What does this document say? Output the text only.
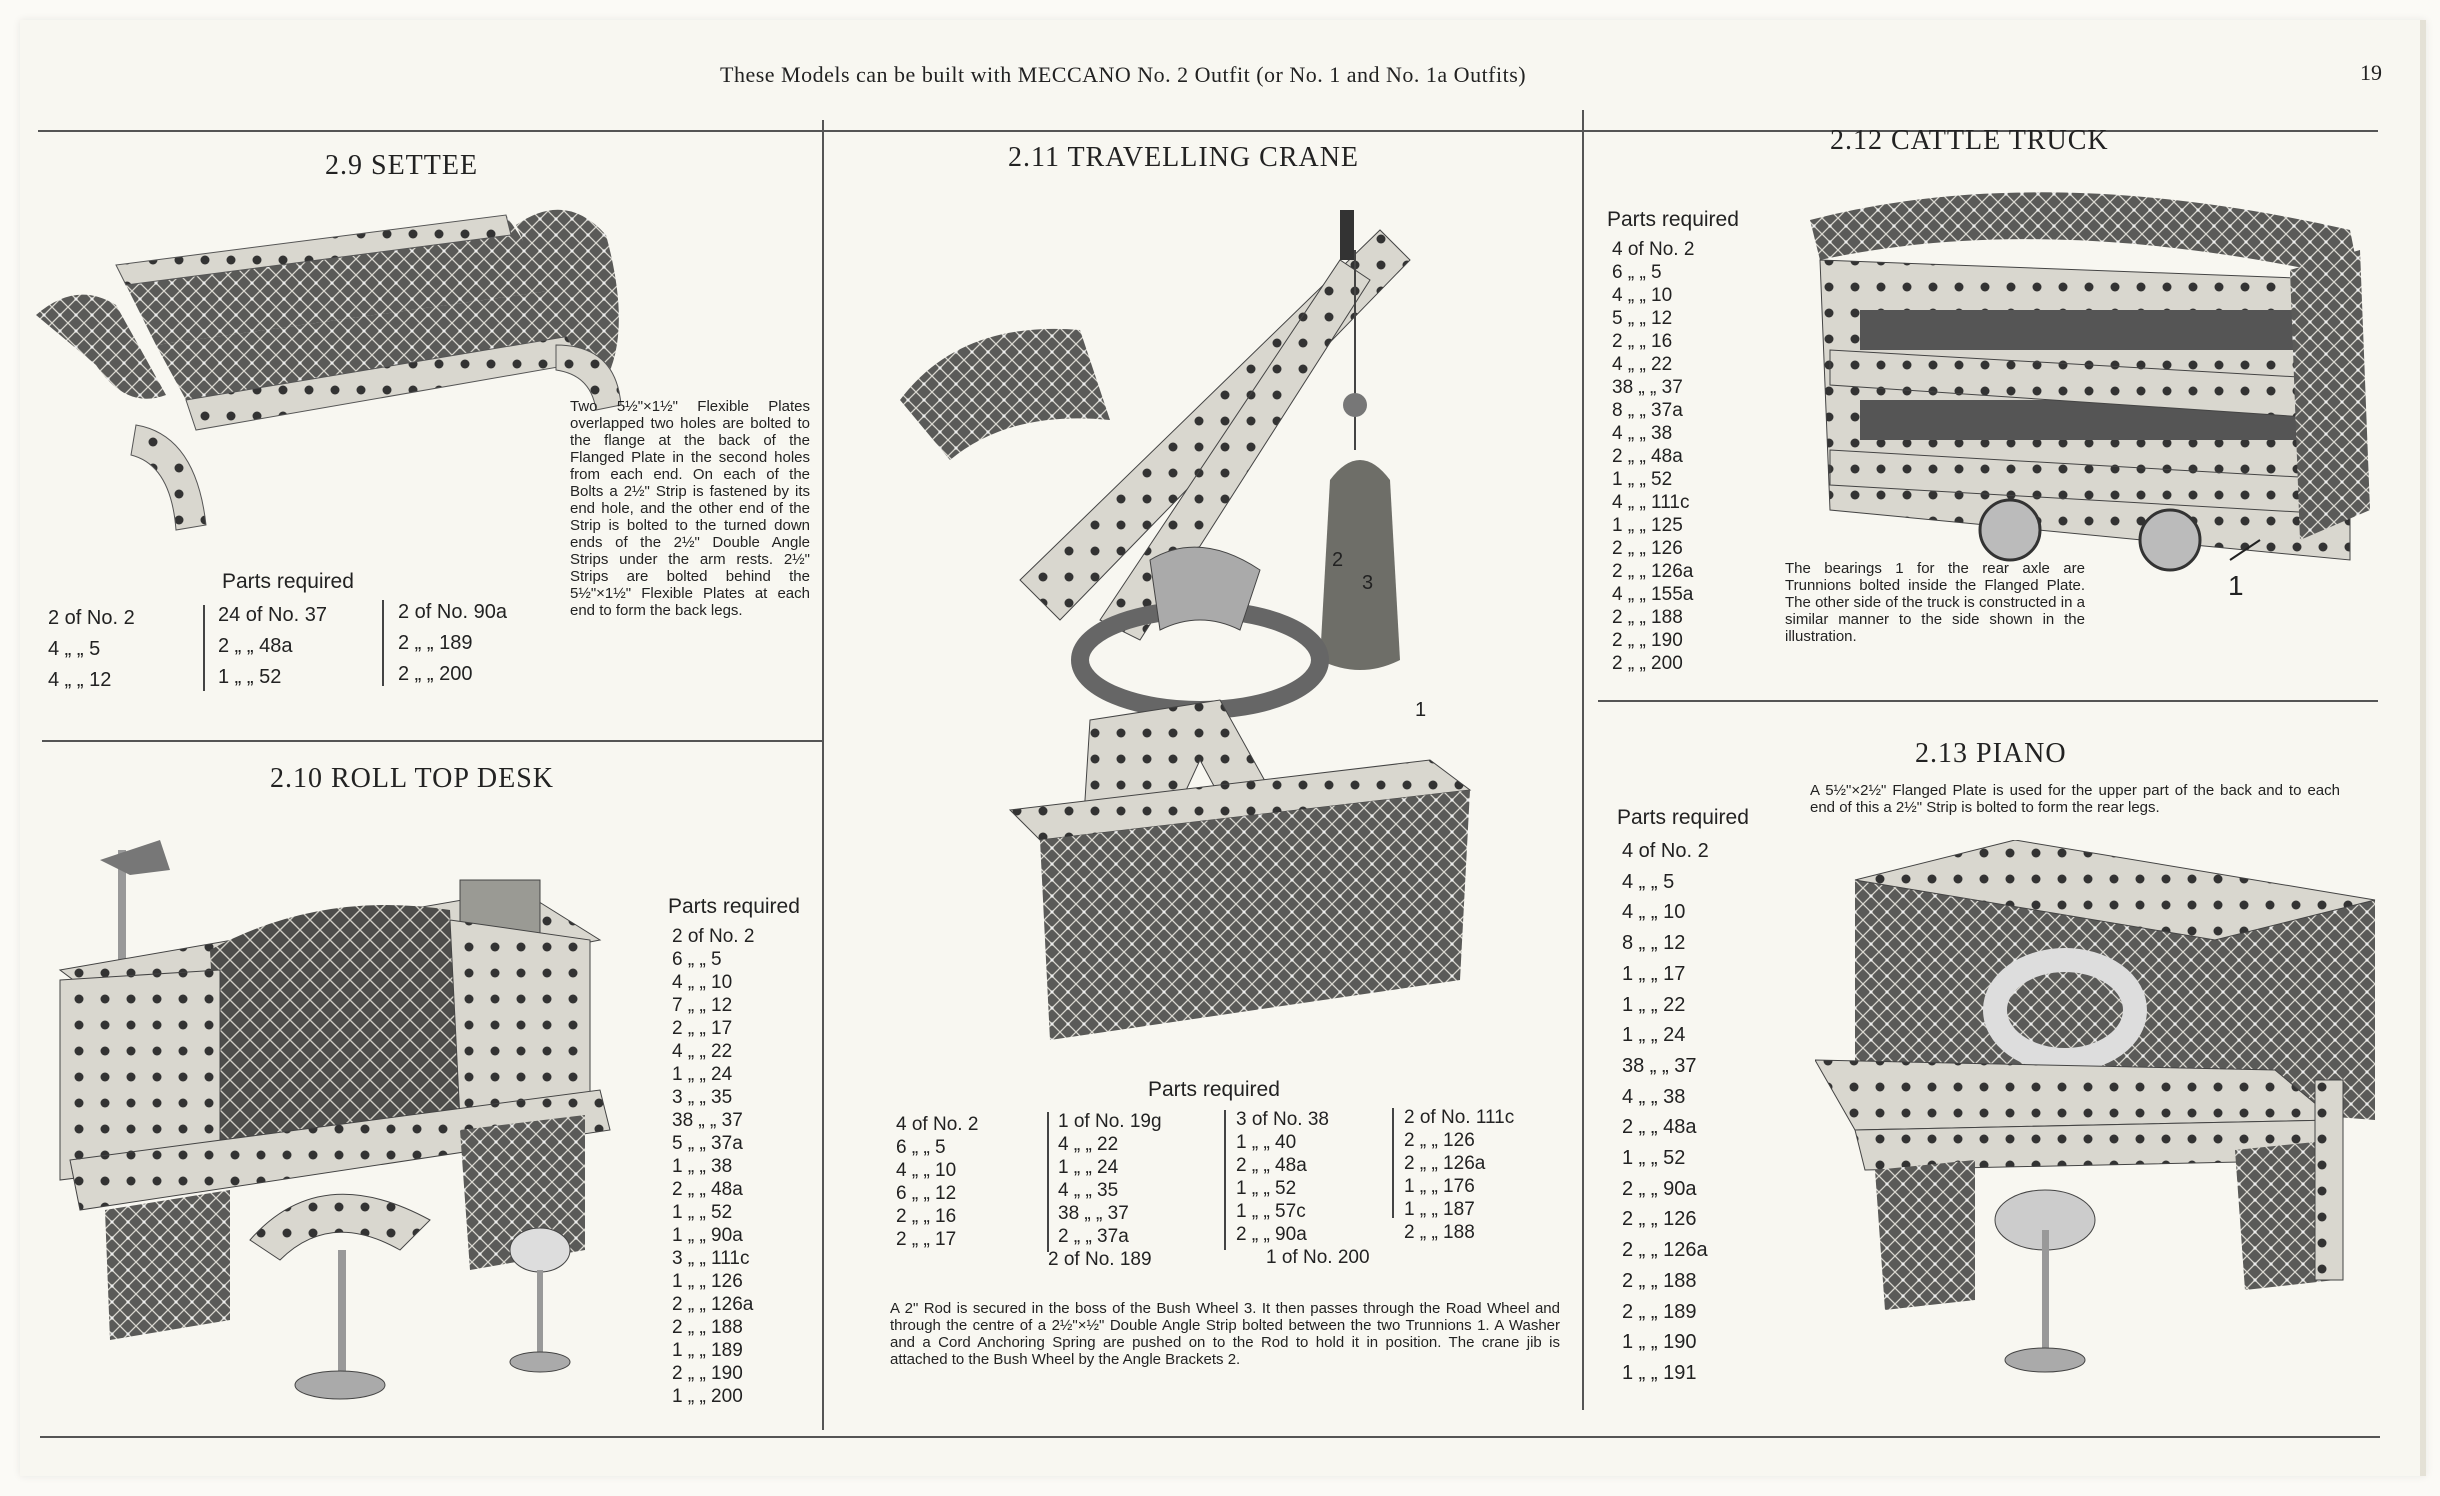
These Models can be built with MECCANO No. 2 Outfit (or No. 1 and No. 1a Outfits)	19
2.9 SETTEE
Two 5½"×1½" Flexible Plates overlapped two holes are bolted to the flange at the back of the Flanged Plate in the second holes from each end. On each of the Bolts a 2½" Strip is fastened by its end hole, and the other end of the Strip is bolted to the turned down ends of the 2½" Double Angle Strips under the arm rests. 2½" Strips are bolted behind the 5½"×1½" Flexible Plates at each end to form the back legs.
Parts required
2 of No. 2
4 „ „ 5
4 „ „ 12
24 of No. 37
2 „ „ 48a
1 „ „ 52
2 of No. 90a
2 „ „ 189
2 „ „ 200
2.10 ROLL TOP DESK
Parts required
2 of No. 2
6 „ „ 5
4 „ „ 10
7 „ „ 12
2 „ „ 17
4 „ „ 22
1 „ „ 24
3 „ „ 35
38 „ „ 37
5 „ „ 37a
1 „ „ 38
2 „ „ 48a
1 „ „ 52
1 „ „ 90a
3 „ „ 111c
1 „ „ 126
2 „ „ 126a
2 „ „ 188
1 „ „ 189
2 „ „ 190
1 „ „ 200
2.11 TRAVELLING CRANE
2
3
1
Parts required
4 of No. 2
6 „ „ 5
4 „ „ 10
6 „ „ 12
2 „ „ 16
2 „ „ 17
1 of No. 19g
4 „ „ 22
1 „ „ 24
4 „ „ 35
38 „ „ 37
2 „ „ 37a
2 of No. 189
3 of No. 38
1 „ „ 40
2 „ „ 48a
1 „ „ 52
1 „ „ 57c
2 „ „ 90a
1 of No. 200
2 of No. 111c
2 „ „ 126
2 „ „ 126a
1 „ „ 176
1 „ „ 187
2 „ „ 188
A 2" Rod is secured in the boss of the Bush Wheel 3. It then passes through the Road Wheel and through the centre of a 2½"×½" Double Angle Strip bolted between the two Trunnions 1. A Washer and a Cord Anchoring Spring are pushed on to the Rod to hold it in position. The crane jib is attached to the Bush Wheel by the Angle Brackets 2.
2.12 CATTLE TRUCK
Parts required
4 of No. 2
6 „ „ 5
4 „ „ 10
5 „ „ 12
2 „ „ 16
4 „ „ 22
38 „ „ 37
8 „ „ 37a
4 „ „ 38
2 „ „ 48a
1 „ „ 52
4 „ „ 111c
1 „ „ 125
2 „ „ 126
2 „ „ 126a
4 „ „ 155a
2 „ „ 188
2 „ „ 190
2 „ „ 200
1
The bearings 1 for the rear axle are Trunnions bolted inside the Flanged Plate. The other side of the truck is constructed in a similar manner to the side shown in the illustration.
2.13 PIANO
A 5½"×2½" Flanged Plate is used for the upper part of the back and to each end of this a 2½" Strip is bolted to form the rear legs.
Parts required
4 of No. 2
4 „ „ 5
4 „ „ 10
8 „ „ 12
1 „ „ 17
1 „ „ 22
1 „ „ 24
38 „ „ 37
4 „ „ 38
2 „ „ 48a
1 „ „ 52
2 „ „ 90a
2 „ „ 126
2 „ „ 126a
2 „ „ 188
2 „ „ 189
1 „ „ 190
1 „ „ 191
